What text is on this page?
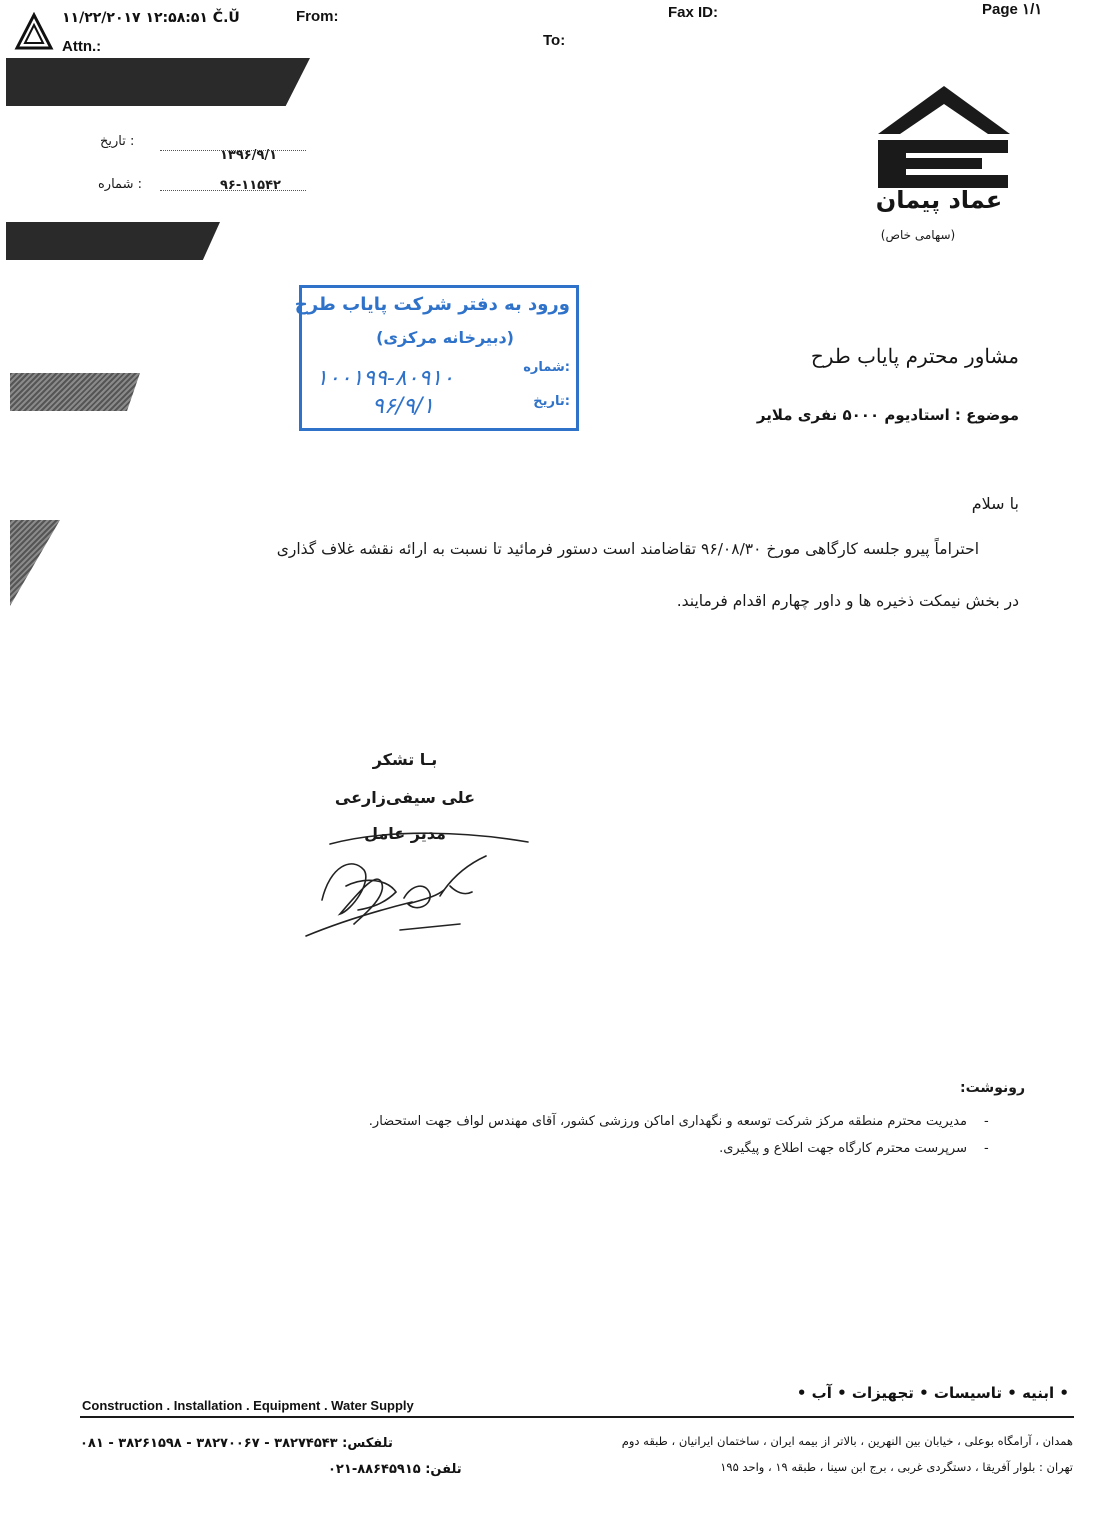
۱۱/۲۲/۲۰۱۷ ۱۲:۵۸:۵۱ Č.Ŭ	From:	Fax ID:	Page ۱/۱
Attn.:	To:
: تاریخ
۱۳۹۶/۹/۱
: شماره	۹۶-۱۱۵۴۲
عماد پیمان
(سهامی خاص)
ورود به دفتر شرکت پایاب طرح
(دبیرخانه مرکزی)
:شماره
۱۰۰۱۹۹-۸۰۹۱۰
:تاریخ
۹۶/۹/۱
مشاور محترم پایاب طرح
موضوع : استادیوم ۵۰۰۰ نفری ملایر
با سلام
احتراماً پیرو جلسه کارگاهی مورخ ۹۶/۰۸/۳۰ تقاضامند است دستور فرمائید تا نسبت به ارائه نقشه غلاف گذاری
در بخش نیمکت ذخیره ها و داور چهارم اقدام فرمایند.
بـا تشکر
علی سیفی‌زارعی
مدیر عامل
رونوشت:
مدیریت محترم منطقه مرکز شرکت توسعه و نگهداری اماکن ورزشی کشور، آقای مهندس لواف جهت استحضار. -
سرپرست محترم کارگاه جهت اطلاع و پیگیری. -
Construction . Installation . Equipment . Water Supply
• ابنیه • تاسیسات • تجهیزات • آب •
همدان ، آرامگاه بوعلی ، خیابان بین النهرین ، بالاتر از بیمه ایران ، ساختمان ایرانیان ، طبقه دوم
تلفکس: ۳۸۲۷۴۵۴۳ - ۳۸۲۷۰۰۶۷ - ۳۸۲۶۱۵۹۸ - ۰۸۱
تهران : بلوار آفریقا ، دستگردی غربی ، برج ابن سینا ، طبقه ۱۹ ، واحد ۱۹۵
تلفن: ۸۸۶۴۵۹۱۵-۰۲۱
